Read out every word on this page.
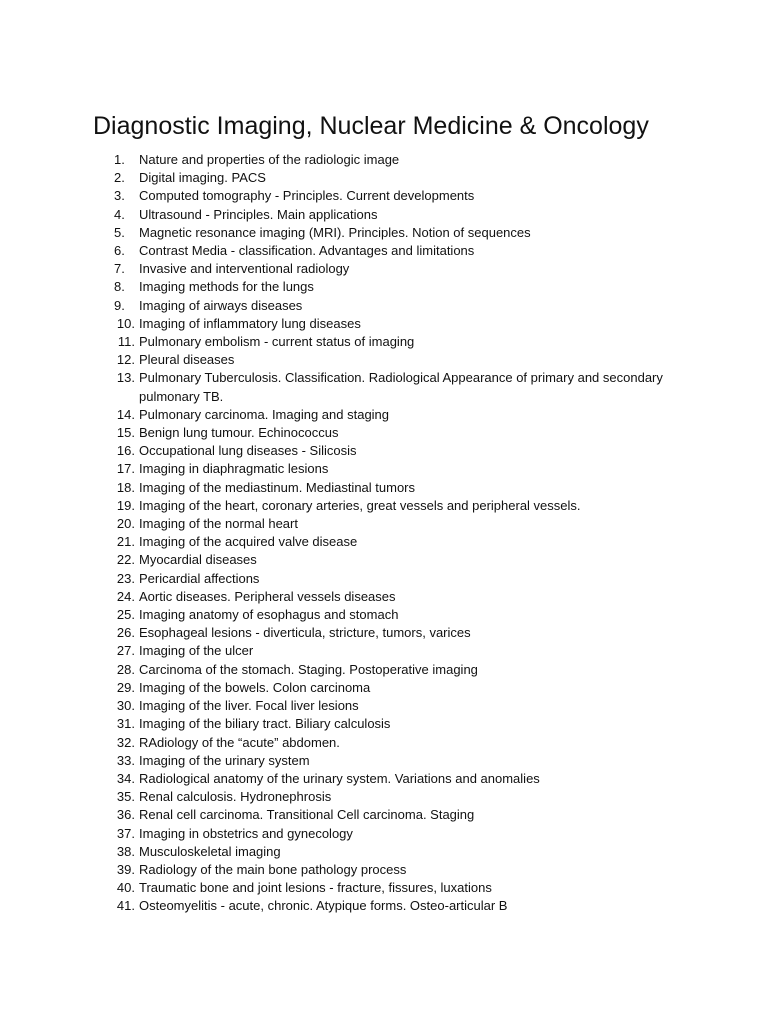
Diagnostic Imaging, Nuclear Medicine & Oncology
1.	Nature and properties of the radiologic image
2.	Digital imaging. PACS
3.	Computed tomography - Principles. Current developments
4.	Ultrasound - Principles. Main applications
5.	Magnetic resonance imaging (MRI). Principles. Notion of sequences
6.	Contrast Media - classification. Advantages and limitations
7.	Invasive and interventional radiology
8.	Imaging methods for the lungs
9.	Imaging of airways diseases
10. Imaging of inflammatory lung diseases
11. Pulmonary embolism - current status of imaging
12. Pleural diseases
13. Pulmonary Tuberculosis. Classification. Radiological Appearance of primary and secondary pulmonary TB.
14. Pulmonary carcinoma. Imaging and staging
15. Benign lung tumour. Echinococcus
16. Occupational lung diseases - Silicosis
17. Imaging in diaphragmatic lesions
18. Imaging of the mediastinum. Mediastinal tumors
19. Imaging of the heart, coronary arteries, great vessels and peripheral vessels.
20. Imaging of the normal heart
21. Imaging of the acquired valve disease
22. Myocardial diseases
23. Pericardial affections
24. Aortic diseases. Peripheral vessels diseases
25. Imaging anatomy of esophagus and stomach
26. Esophageal lesions - diverticula, stricture, tumors, varices
27. Imaging of the ulcer
28. Carcinoma of the stomach. Staging. Postoperative imaging
29. Imaging of the bowels. Colon carcinoma
30. Imaging of the liver. Focal liver lesions
31. Imaging of the biliary tract. Biliary calculosis
32. RAdiology of the “acute” abdomen.
33. Imaging of the urinary system
34. Radiological anatomy of the urinary system. Variations and anomalies
35. Renal calculosis. Hydronephrosis
36. Renal cell carcinoma. Transitional Cell carcinoma. Staging
37. Imaging in obstetrics and gynecology
38. Musculoskeletal imaging
39. Radiology of the main bone pathology process
40. Traumatic bone and joint lesions - fracture, fissures, luxations
41. Osteomyelitis - acute, chronic. Atypique forms. Osteo-articular B
